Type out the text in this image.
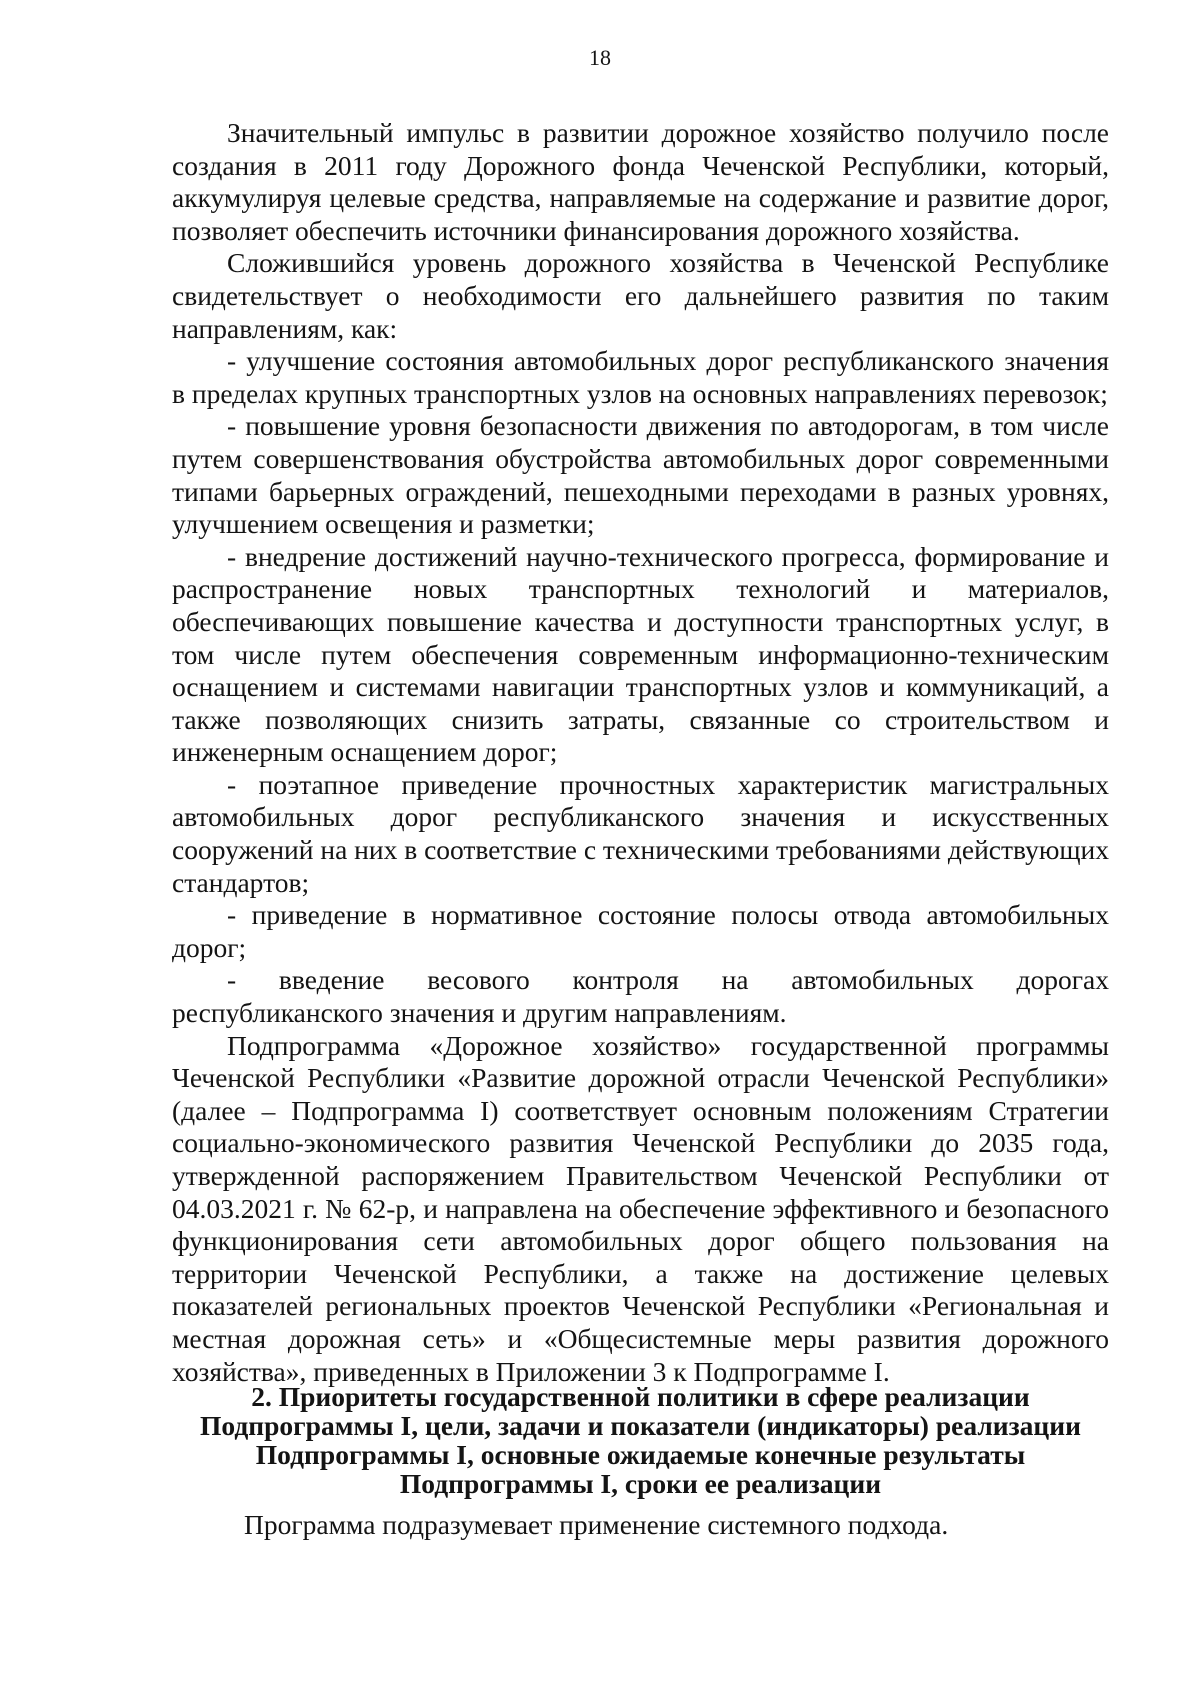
18

Значительный импульс в развитии дорожное хозяйство получило после создания в 2011 году Дорожного фонда Чеченской Республики, который, аккумулируя целевые средства, направляемые на содержание и развитие дорог, позволяет обеспечить источники финансирования дорожного хозяйства.

Сложившийся уровень дорожного хозяйства в Чеченской Республике свидетельствует о необходимости его дальнейшего развития по таким направлениям, как:

- улучшение состояния автомобильных дорог республиканского значения в пределах крупных транспортных узлов на основных направлениях перевозок;

- повышение уровня безопасности движения по автодорогам, в том числе путем совершенствования обустройства автомобильных дорог современными типами барьерных ограждений, пешеходными переходами в разных уровнях, улучшением освещения и разметки;

- внедрение достижений научно-технического прогресса, формирование и распространение новых транспортных технологий и материалов, обеспечивающих повышение качества и доступности транспортных услуг, в том числе путем обеспечения современным информационно-техническим оснащением и системами навигации транспортных узлов и коммуникаций, а также позволяющих снизить затраты, связанные со строительством и инженерным оснащением дорог;

- поэтапное приведение прочностных характеристик магистральных автомобильных дорог республиканского значения и искусственных сооружений на них в соответствие с техническими требованиями действующих стандартов;

- приведение в нормативное состояние полосы отвода автомобильных дорог;

- введение весового контроля на автомобильных дорогах республиканского значения и другим направлениям.

Подпрограмма «Дорожное хозяйство» государственной программы Чеченской Республики «Развитие дорожной отрасли Чеченской Республики» (далее – Подпрограмма I) соответствует основным положениям Стратегии социально-экономического развития Чеченской Республики до 2035 года, утвержденной распоряжением Правительством Чеченской Республики от 04.03.2021 г. № 62-р, и направлена на обеспечение эффективного и безопасного функционирования сети автомобильных дорог общего пользования на территории Чеченской Республики, а также на достижение целевых показателей региональных проектов Чеченской Республики «Региональная и местная дорожная сеть» и «Общесистемные меры развития дорожного хозяйства», приведенных в Приложении 3 к Подпрограмме I.

2. Приоритеты государственной политики в сфере реализации Подпрограммы I, цели, задачи и показатели (индикаторы) реализации Подпрограммы I, основные ожидаемые конечные результаты Подпрограммы I, сроки ее реализации

Программа подразумевает применение системного подхода.
